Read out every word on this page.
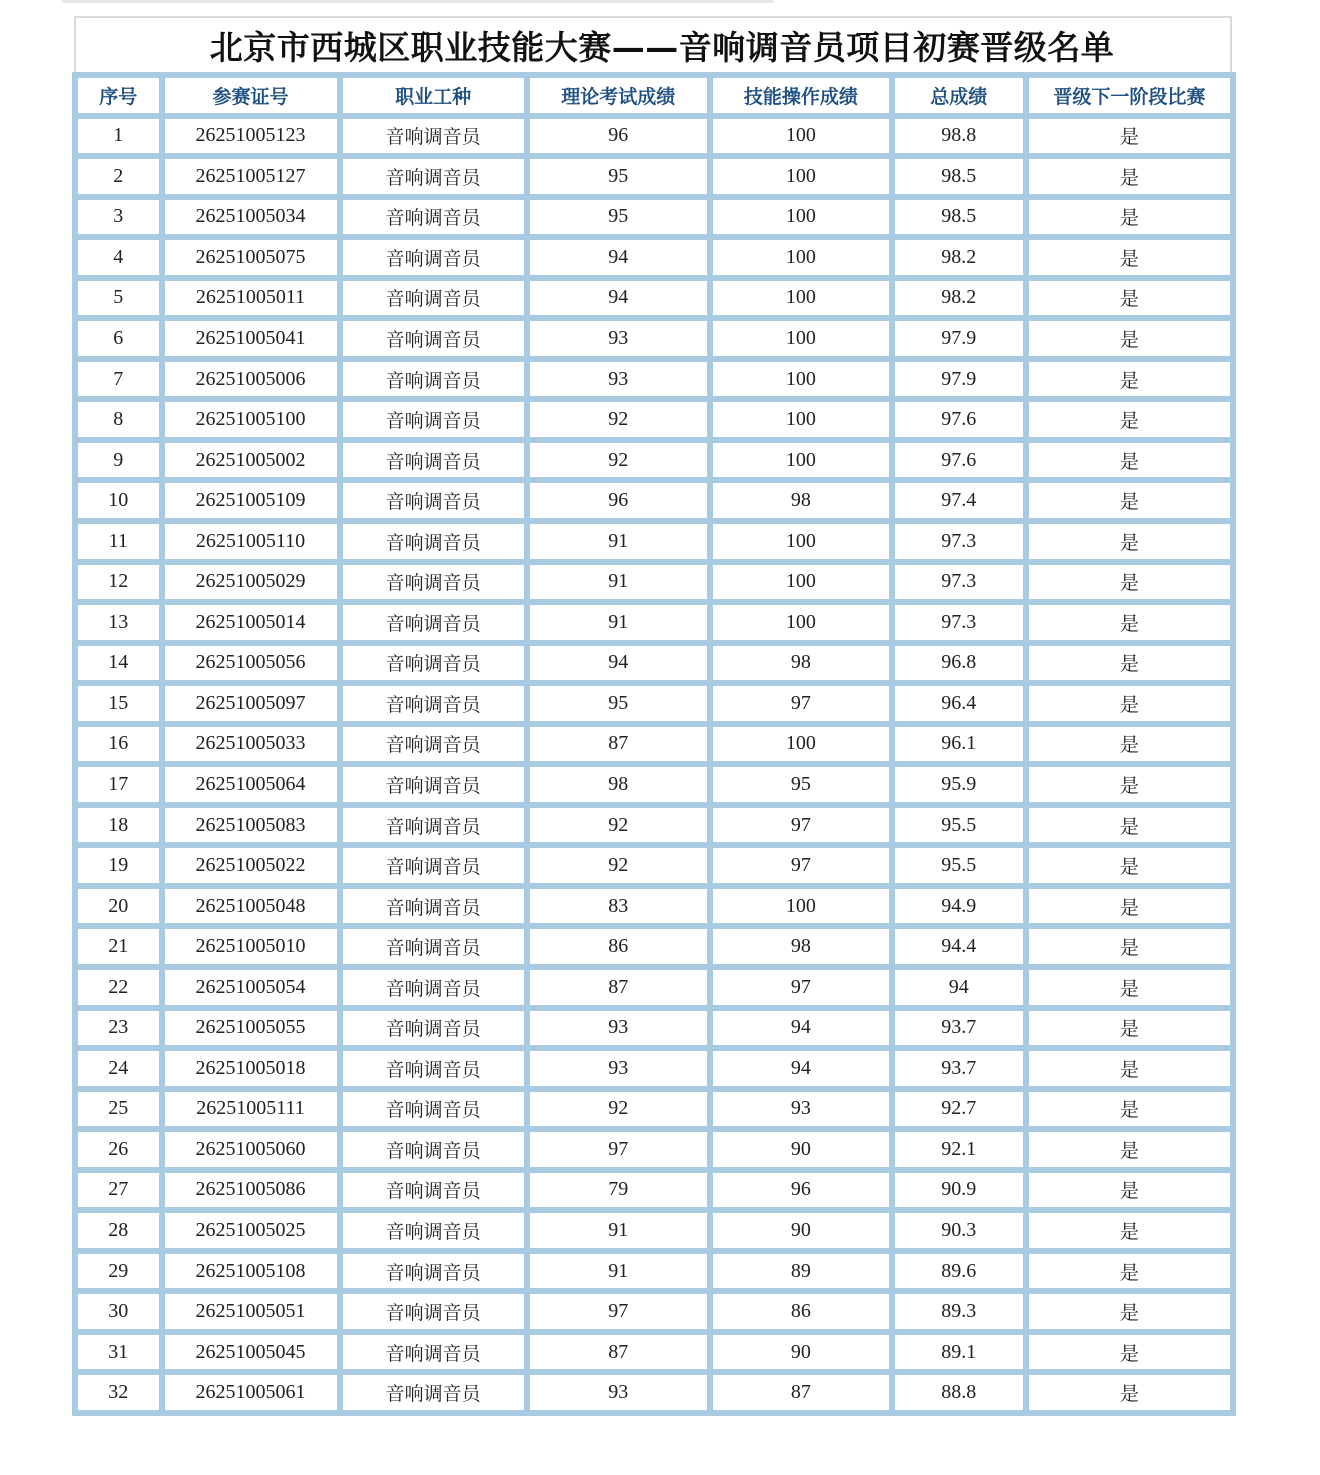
北京市西城区职业技能大赛——音响调音员项目初赛晋级名单
序号	参赛证号	职业工种	理论考试成绩	技能操作成绩	总成绩	晋级下一阶段比赛
1	26251005123	音响调音员	96	100	98.8	是
2	26251005127	音响调音员	95	100	98.5	是
3	26251005034	音响调音员	95	100	98.5	是
4	26251005075	音响调音员	94	100	98.2	是
5	26251005011	音响调音员	94	100	98.2	是
6	26251005041	音响调音员	93	100	97.9	是
7	26251005006	音响调音员	93	100	97.9	是
8	26251005100	音响调音员	92	100	97.6	是
9	26251005002	音响调音员	92	100	97.6	是
10	26251005109	音响调音员	96	98	97.4	是
11	26251005110	音响调音员	91	100	97.3	是
12	26251005029	音响调音员	91	100	97.3	是
13	26251005014	音响调音员	91	100	97.3	是
14	26251005056	音响调音员	94	98	96.8	是
15	26251005097	音响调音员	95	97	96.4	是
16	26251005033	音响调音员	87	100	96.1	是
17	26251005064	音响调音员	98	95	95.9	是
18	26251005083	音响调音员	92	97	95.5	是
19	26251005022	音响调音员	92	97	95.5	是
20	26251005048	音响调音员	83	100	94.9	是
21	26251005010	音响调音员	86	98	94.4	是
22	26251005054	音响调音员	87	97	94	是
23	26251005055	音响调音员	93	94	93.7	是
24	26251005018	音响调音员	93	94	93.7	是
25	26251005111	音响调音员	92	93	92.7	是
26	26251005060	音响调音员	97	90	92.1	是
27	26251005086	音响调音员	79	96	90.9	是
28	26251005025	音响调音员	91	90	90.3	是
29	26251005108	音响调音员	91	89	89.6	是
30	26251005051	音响调音员	97	86	89.3	是
31	26251005045	音响调音员	87	90	89.1	是
32	26251005061	音响调音员	93	87	88.8	是
